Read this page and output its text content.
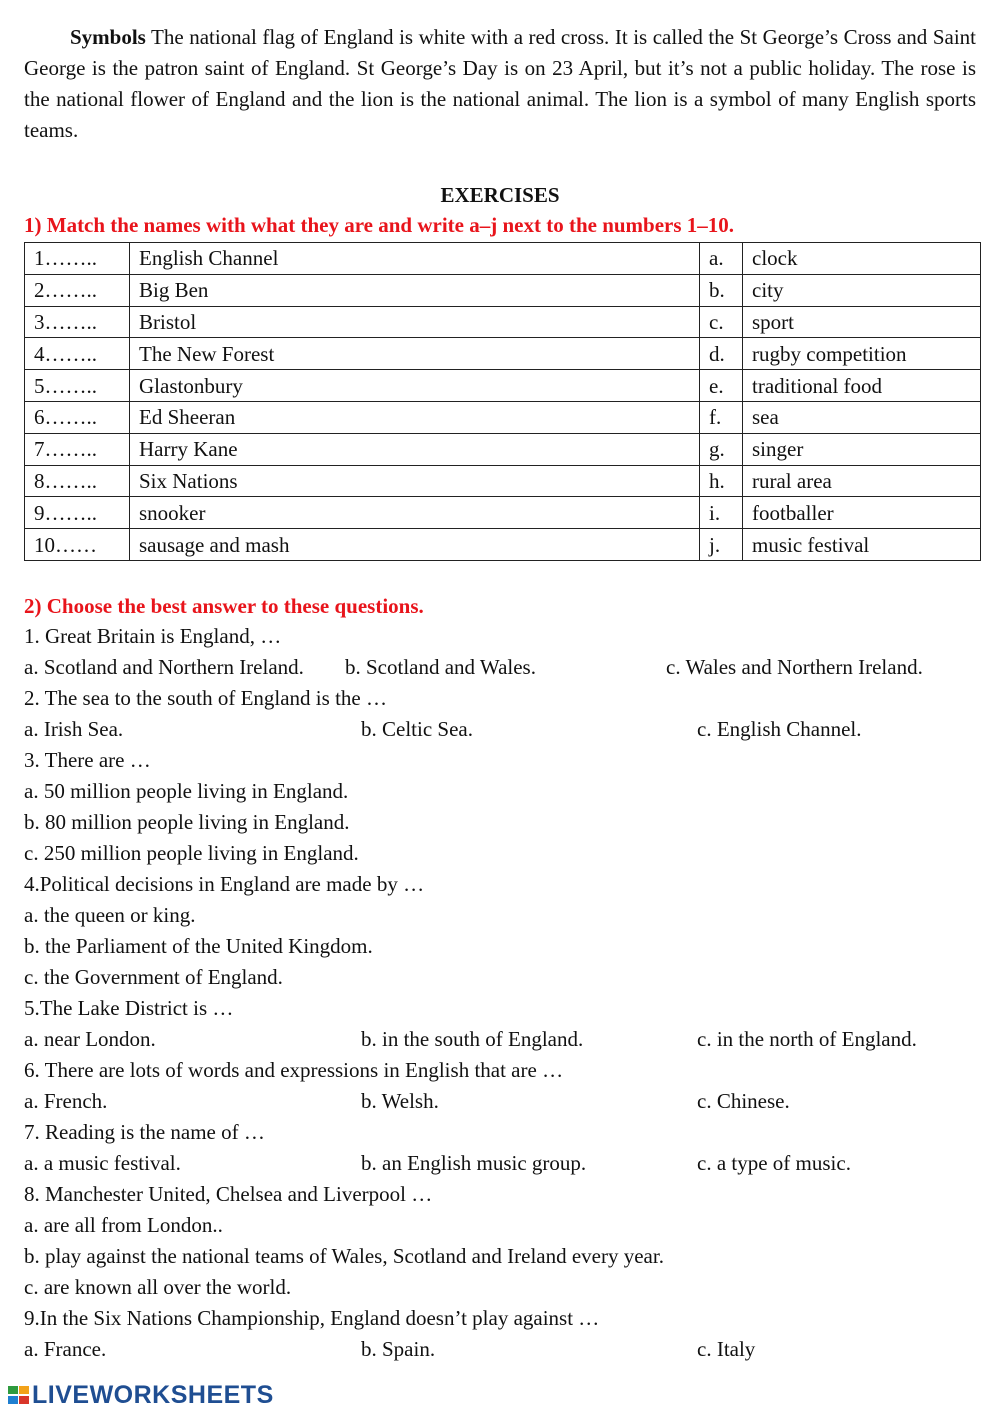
Symbols The national flag of England is white with a red cross. It is called the St George’s Cross and Saint George is the patron saint of England. St George’s Day is on 23 April, but it’s not a public holiday. The rose is the national flower of England and the lion is the national animal. The lion is a symbol of many English sports teams.

EXERCISES
1) Match the names with what they are and write a–j next to the numbers 1–10.
1……..	English Channel	a.	clock
2……..	Big Ben	b.	city
3……..	Bristol	c.	sport
4……..	The New Forest	d.	rugby competition
5……..	Glastonbury	e.	traditional food
6……..	Ed Sheeran	f.	sea
7……..	Harry Kane	g.	singer
8……..	Six Nations	h.	rural area
9……..	snooker	i.	footballer
10……	sausage and mash	j.	music festival
2) Choose the best answer to these questions.
1. Great Britain is England, …
a. Scotland and Northern Ireland. b. Scotland and Wales.	c. Wales and Northern Ireland.
2. The sea to the south of England is the …
a. Irish Sea.	b. Celtic Sea.	c. English Channel.
3. There are …
a. 50 million people living in England.
b. 80 million people living in England.
c. 250 million people living in England.
4.Political decisions in England are made by …
a. the queen or king.
b. the Parliament of the United Kingdom.
c. the Government of England.
5.The Lake District is …
a. near London.	b. in the south of England.	c. in the north of England.
6. There are lots of words and expressions in English that are …
a. French.	b. Welsh.	c. Chinese.
7. Reading is the name of …
a. a music festival.	b. an English music group.	c. a type of music.
8. Manchester United, Chelsea and Liverpool …
a. are all from London..
b. play against the national teams of Wales, Scotland and Ireland every year.
c. are known all over the world.
9.In the Six Nations Championship, England doesn’t play against …
a. France.	b. Spain.	c. Italy
LIVEWORKSHEETS
